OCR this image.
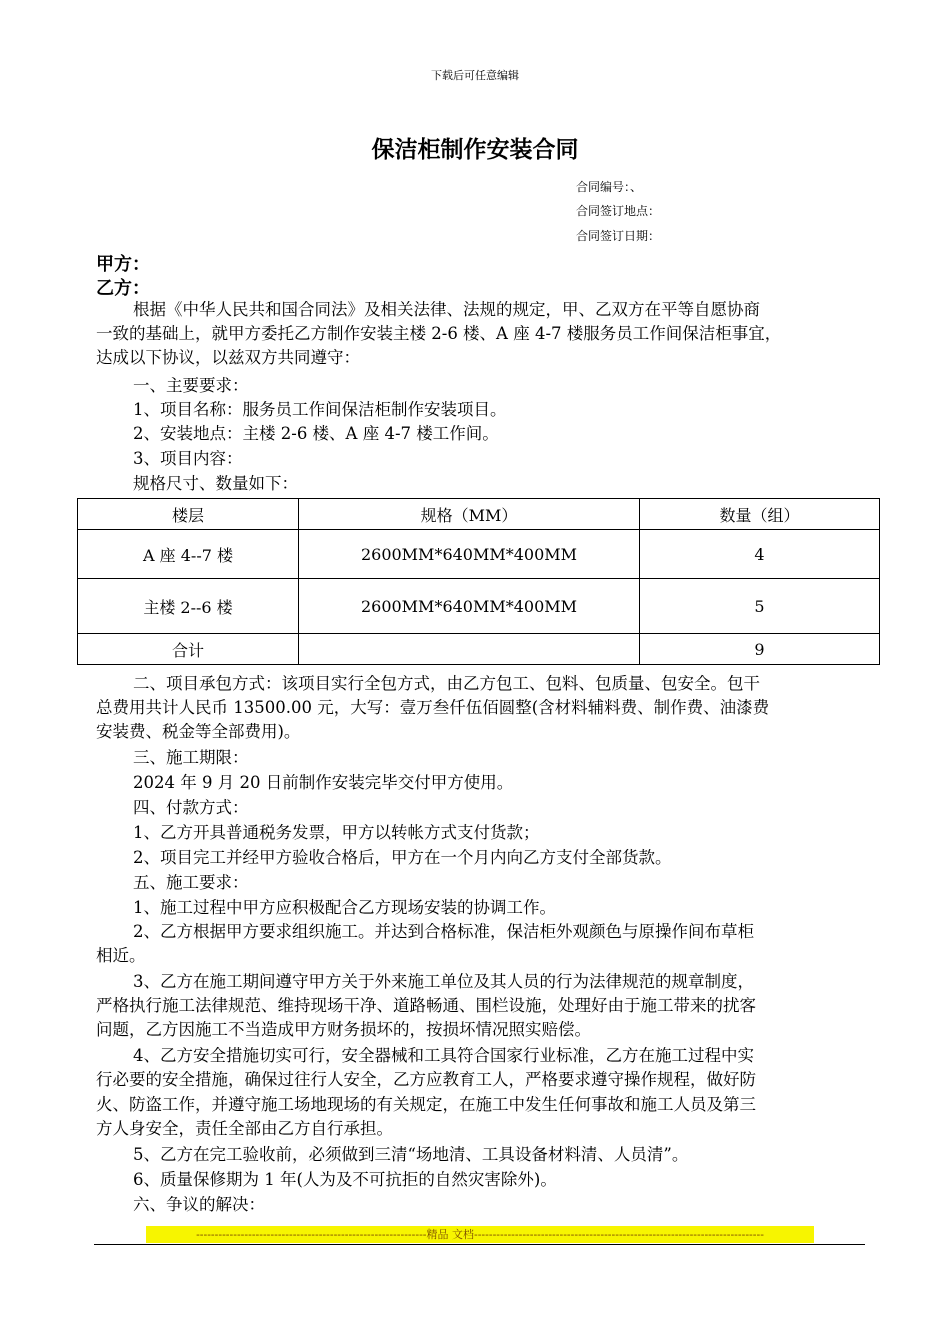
下载后可任意编辑
保洁柜制作安装合同
合同编号：、
合同签订地点：
合同签订日期：
甲方：
乙方：
根据《中华人民共和国合同法》及相关法律、法规的规定，甲、乙双方在平等自愿协商
一致的基础上，就甲方委托乙方制作安装主楼 2-6 楼、A 座 4-7 楼服务员工作间保洁柜事宜，
达成以下协议，以兹双方共同遵守：
一、主要要求：
1、项目名称：服务员工作间保洁柜制作安装项目。
2、安装地点：主楼 2-6 楼、A 座 4-7 楼工作间。
3、项目内容：
规格尺寸、数量如下：
楼层	规格（MM）	数量（组）
A 座 4--7 楼	2600MM*640MM*400MM	4
主楼 2--6 楼	2600MM*640MM*400MM	5
合计		9
二、项目承包方式：该项目实行全包方式，由乙方包工、包料、包质量、包安全。包干
总费用共计人民币 13500.00 元，大写：壹万叁仟伍佰圆整(含材料辅料费、制作费、油漆费
安装费、税金等全部费用)。
三、施工期限：
2024 年 9 月 20 日前制作安装完毕交付甲方使用。
四、付款方式：
1、乙方开具普通税务发票，甲方以转帐方式支付货款；
2、项目完工并经甲方验收合格后，甲方在一个月内向乙方支付全部货款。
五、施工要求：
1、施工过程中甲方应积极配合乙方现场安装的协调工作。
2、乙方根据甲方要求组织施工。并达到合格标准，保洁柜外观颜色与原操作间布草柜
相近。
3、乙方在施工期间遵守甲方关于外来施工单位及其人员的行为法律规范的规章制度，
严格执行施工法律规范、维持现场干净、道路畅通、围栏设施，处理好由于施工带来的扰客
问题，乙方因施工不当造成甲方财务损坏的，按损坏情况照实赔偿。
4、乙方安全措施切实可行，安全器械和工具符合国家行业标准，乙方在施工过程中实
行必要的安全措施，确保过往行人安全，乙方应教育工人，严格要求遵守操作规程，做好防
火、防盗工作，并遵守施工场地现场的有关规定，在施工中发生任何事故和施工人员及第三
方人身安全，责任全部由乙方自行承担。
5、乙方在完工验收前，必须做到三清“场地清、工具设备材料清、人员清”。
6、质量保修期为 1 年(人为及不可抗拒的自然灾害除外)。
六、争议的解决：
--------------------------------------------------------------精品 文档------------------------------------------------------------------------------
